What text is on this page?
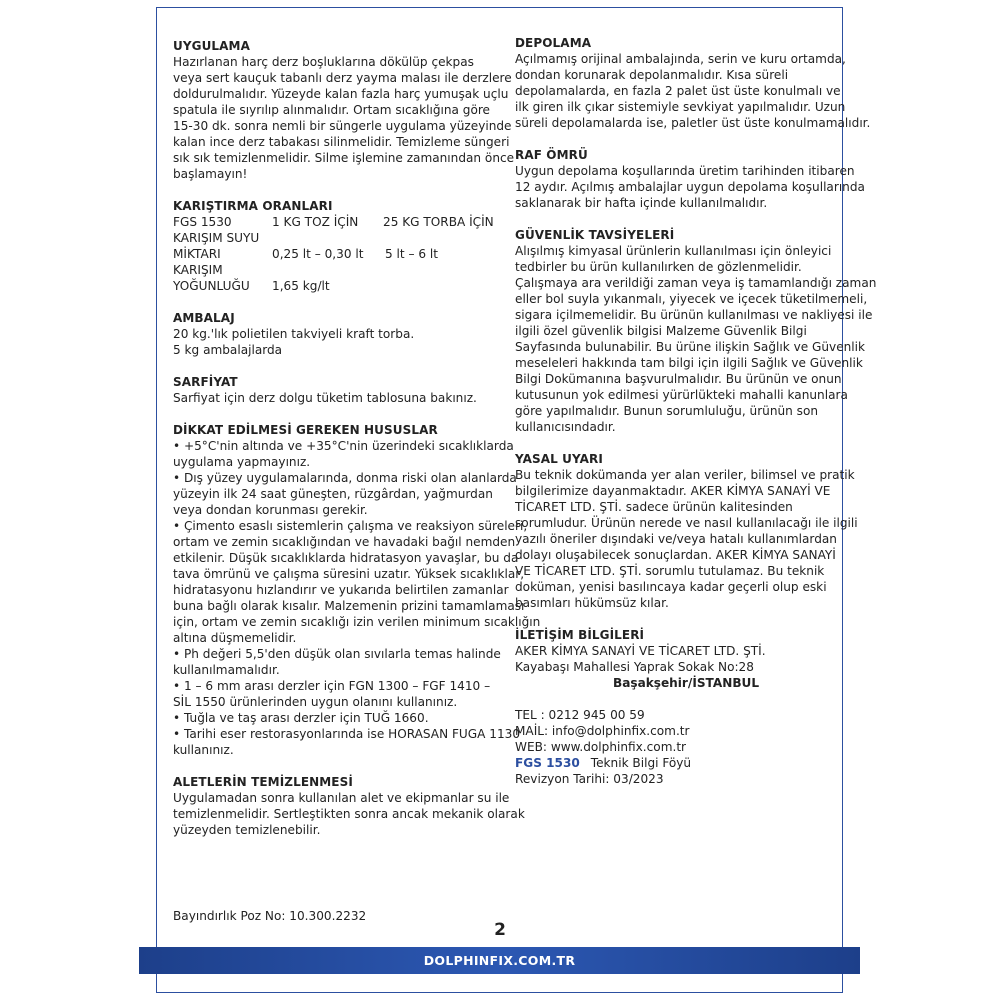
UYGULAMA
Hazırlanan harç derz boşluklarına dökülüp çekpas
veya sert kauçuk tabanlı derz yayma malası ile derzlere
doldurulmalıdır. Yüzeyde kalan fazla harç yumuşak uçlu
spatula ile sıyrılıp alınmalıdır. Ortam sıcaklığına göre
15-30 dk. sonra nemli bir süngerle uygulama yüzeyinde
kalan ince derz tabakası silinmelidir. Temizleme süngeri
sık sık temizlenmelidir. Silme işlemine zamanından önce
başlamayın!
KARIŞTIRMA ORANLARI
FGS 1530	1 KG TOZ İÇİN 25 KG TORBA İÇİN
KARIŞIM SUYU
MİKTARI	0,25 lt – 0,30 lt 5 lt – 6 lt
KARIŞIM
YOĞUNLUĞU 1,65 kg/lt
AMBALAJ
20 kg.'lık polietilen takviyeli kraft torba.
5 kg ambalajlarda
SARFİYAT
Sarfiyat için derz dolgu tüketim tablosuna bakınız.
DİKKAT EDİLMESİ GEREKEN HUSUSLAR
• +5°C'nin altında ve +35°C'nin üzerindeki sıcaklıklarda
uygulama yapmayınız.
• Dış yüzey uygulamalarında, donma riski olan alanlarda
yüzeyin ilk 24 saat güneşten, rüzgârdan, yağmurdan
veya dondan korunması gerekir.
• Çimento esaslı sistemlerin çalışma ve reaksiyon süreleri,
ortam ve zemin sıcaklığından ve havadaki bağıl nemden
etkilenir. Düşük sıcaklıklarda hidratasyon yavaşlar, bu da
tava ömrünü ve çalışma süresini uzatır. Yüksek sıcaklıklar,
hidratasyonu hızlandırır ve yukarıda belirtilen zamanlar
buna bağlı olarak kısalır. Malzemenin prizini tamamlaması
için, ortam ve zemin sıcaklığı izin verilen minimum sıcaklığın
altına düşmemelidir.
• Ph değeri 5,5'den düşük olan sıvılarla temas halinde
kullanılmamalıdır.
• 1 – 6 mm arası derzler için FGN 1300 – FGF 1410 –
SİL 1550 ürünlerinden uygun olanını kullanınız.
• Tuğla ve taş arası derzler için TUĞ 1660.
• Tarihi eser restorasyonlarında ise HORASAN FUGA 1130
kullanınız.
ALETLERİN TEMİZLENMESİ
Uygulamadan sonra kullanılan alet ve ekipmanlar su ile
temizlenmelidir. Sertleştikten sonra ancak mekanik olarak
yüzeyden temizlenebilir.
DEPOLAMA
Açılmamış orijinal ambalajında, serin ve kuru ortamda,
dondan korunarak depolanmalıdır. Kısa süreli
depolamalarda, en fazla 2 palet üst üste konulmalı ve
ilk giren ilk çıkar sistemiyle sevkiyat yapılmalıdır. Uzun
süreli depolamalarda ise, paletler üst üste konulmamalıdır.
RAF ÖMRÜ
Uygun depolama koşullarında üretim tarihinden itibaren
12 aydır. Açılmış ambalajlar uygun depolama koşullarında
saklanarak bir hafta içinde kullanılmalıdır.
GÜVENLİK TAVSİYELERİ
Alışılmış kimyasal ürünlerin kullanılması için önleyici
tedbirler bu ürün kullanılırken de gözlenmelidir.
Çalışmaya ara verildiği zaman veya iş tamamlandığı zaman
eller bol suyla yıkanmalı, yiyecek ve içecek tüketilmemeli,
sigara içilmemelidir. Bu ürünün kullanılması ve nakliyesi ile
ilgili özel güvenlik bilgisi Malzeme Güvenlik Bilgi
Sayfasında bulunabilir. Bu ürüne ilişkin Sağlık ve Güvenlik
meseleleri hakkında tam bilgi için ilgili Sağlık ve Güvenlik
Bilgi Dokümanına başvurulmalıdır. Bu ürünün ve onun
kutusunun yok edilmesi yürürlükteki mahalli kanunlara
göre yapılmalıdır. Bunun sorumluluğu, ürünün son
kullanıcısındadır.
YASAL UYARI
Bu teknik dokümanda yer alan veriler, bilimsel ve pratik
bilgilerimize dayanmaktadır. AKER KİMYA SANAYİ VE
TİCARET LTD. ŞTİ. sadece ürünün kalitesinden
sorumludur. Ürünün nerede ve nasıl kullanılacağı ile ilgili
yazılı öneriler dışındaki ve/veya hatalı kullanımlardan
dolayı oluşabilecek sonuçlardan. AKER KİMYA SANAYİ
VE TİCARET LTD. ŞTİ. sorumlu tutulamaz. Bu teknik
doküman, yenisi basılıncaya kadar geçerli olup eski
basımları hükümsüz kılar.
İLETİŞİM BİLGİLERİ
AKER KİMYA SANAYİ VE TİCARET LTD. ŞTİ.
Kayabaşı Mahallesi Yaprak Sokak No:28
Başakşehir/İSTANBUL
TEL : 0212 945 00 59
MAİL: info@dolphinfix.com.tr
WEB: www.dolphinfix.com.tr
FGS 1530 Teknik Bilgi Föyü
Revizyon Tarihi: 03/2023
Bayındırlık Poz No: 10.300.2232
2
DOLPHINFIX.COM.TR
